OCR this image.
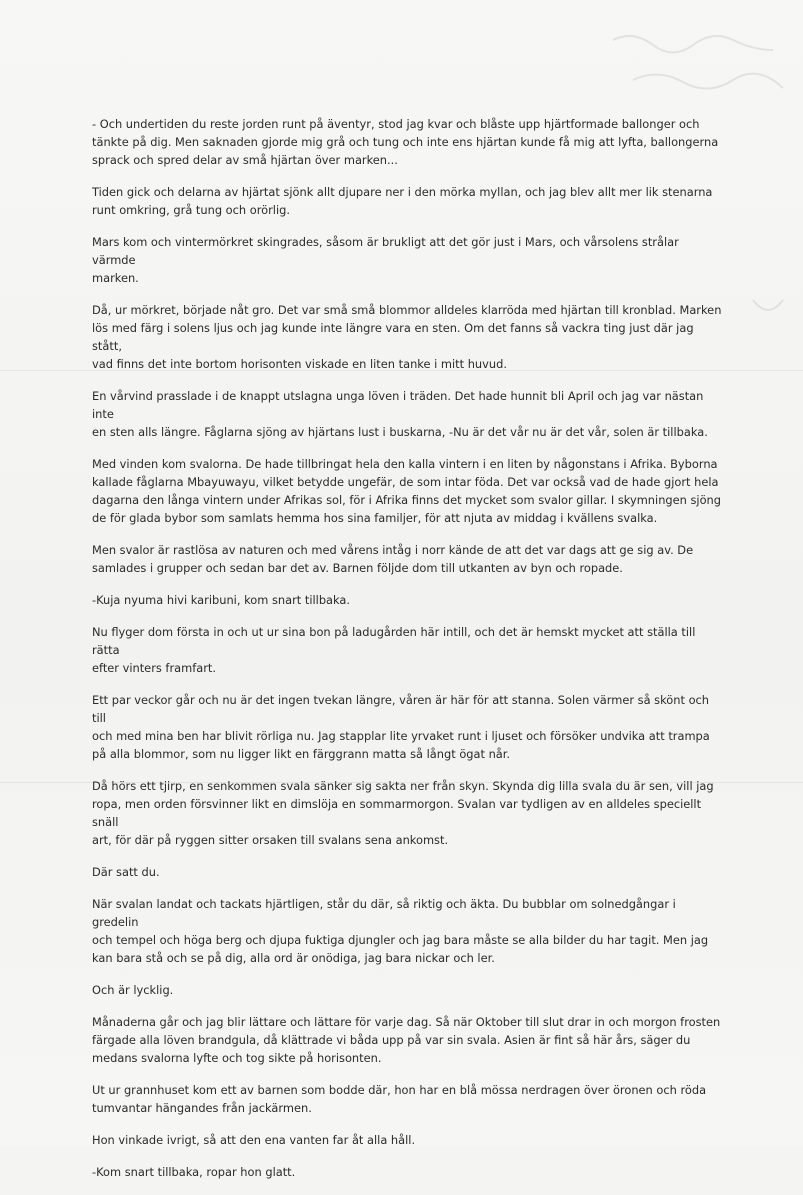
- Och undertiden du reste jorden runt på äventyr, stod jag kvar och blåste upp hjärtformade ballonger och
tänkte på dig. Men saknaden gjorde mig grå och tung och inte ens hjärtan kunde få mig att lyfta, ballongerna
sprack och spred delar av små hjärtan över marken...

Tiden gick och delarna av hjärtat sjönk allt djupare ner i den mörka myllan, och jag blev allt mer lik stenarna
runt omkring, grå tung och orörlig.

Mars kom och vintermörkret skingrades, såsom är brukligt att det gör just i Mars, och vårsolens strålar värmde
marken.

Då, ur mörkret, började nåt gro. Det var små små blommor alldeles klarröda med hjärtan till kronblad. Marken
lös med färg i solens ljus och jag kunde inte längre vara en sten. Om det fanns så vackra ting just där jag stått,
vad finns det inte bortom horisonten viskade en liten tanke i mitt huvud.

En vårvind prasslade i de knappt utslagna unga löven i träden. Det hade hunnit bli April och jag var nästan inte
en sten alls längre. Fåglarna sjöng av hjärtans lust i buskarna, -Nu är det vår nu är det vår, solen är tillbaka.

Med vinden kom svalorna. De hade tillbringat hela den kalla vintern i en liten by någonstans i Afrika. Byborna
kallade fåglarna Mbayuwayu, vilket betydde ungefär, de som intar föda. Det var också vad de hade gjort hela
dagarna den långa vintern under Afrikas sol, för i Afrika finns det mycket som svalor gillar. I skymningen sjöng
de för glada bybor som samlats hemma hos sina familjer, för att njuta av middag i kvällens svalka.

Men svalor är rastlösa av naturen och med vårens intåg i norr kände de att det var dags att ge sig av. De
samlades i grupper och sedan bar det av. Barnen följde dom till utkanten av byn och ropade.

-Kuja nyuma hivi karibuni, kom snart tillbaka.

Nu flyger dom första in och ut ur sina bon på ladugården här intill, och det är hemskt mycket att ställa till rätta
efter vinters framfart.

Ett par veckor går och nu är det ingen tvekan längre, våren är här för att stanna. Solen värmer så skönt och till
och med mina ben har blivit rörliga nu. Jag stapplar lite yrvaket runt i ljuset och försöker undvika att trampa
på alla blommor, som nu ligger likt en färggrann matta så långt ögat når.

Då hörs ett tjirp, en senkommen svala sänker sig sakta ner från skyn. Skynda dig lilla svala du är sen, vill jag
ropa, men orden försvinner likt en dimslöja en sommarmorgon. Svalan var tydligen av en alldeles speciellt snäll
art, för där på ryggen sitter orsaken till svalans sena ankomst.

Där satt du.

När svalan landat och tackats hjärtligen, står du där, så riktig och äkta. Du bubblar om solnedgångar i gredelin
och tempel och höga berg och djupa fuktiga djungler och jag bara måste se alla bilder du har tagit. Men jag
kan bara stå och se på dig, alla ord är onödiga, jag bara nickar och ler.

Och är lycklig.

Månaderna går och jag blir lättare och lättare för varje dag. Så när Oktober till slut drar in och morgon frosten
färgade alla löven brandgula, då klättrade vi båda upp på var sin svala. Asien är fint så här års, säger du
medans svalorna lyfte och tog sikte på horisonten.

Ut ur grannhuset kom ett av barnen som bodde där, hon har en blå mössa nerdragen över öronen och röda
tumvantar hängandes från jackärmen.

Hon vinkade ivrigt, så att den ena vanten far åt alla håll.

-Kom snart tillbaka, ropar hon glatt.
